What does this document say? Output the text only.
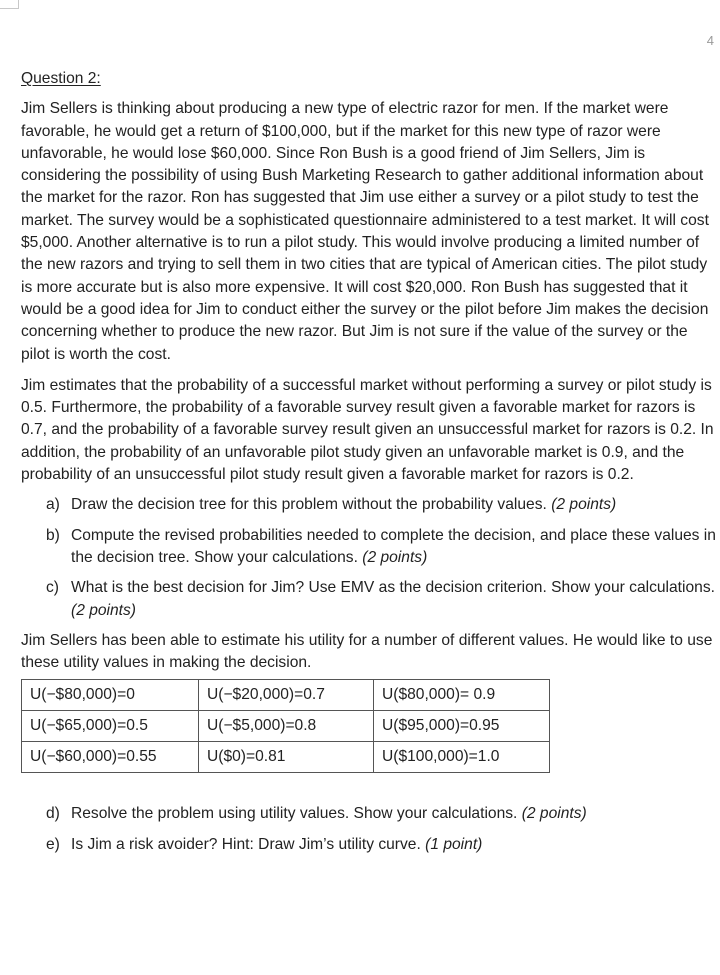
4
Question 2:

Jim Sellers is thinking about producing a new type of electric razor for men. If the market were favorable, he would get a return of $100,000, but if the market for this new type of razor were unfavorable, he would lose $60,000. Since Ron Bush is a good friend of Jim Sellers, Jim is considering the possibility of using Bush Marketing Research to gather additional information about the market for the razor. Ron has suggested that Jim use either a survey or a pilot study to test the market. The survey would be a sophisticated questionnaire administered to a test market. It will cost $5,000. Another alternative is to run a pilot study. This would involve producing a limited number of the new razors and trying to sell them in two cities that are typical of American cities. The pilot study is more accurate but is also more expensive. It will cost $20,000. Ron Bush has suggested that it would be a good idea for Jim to conduct either the survey or the pilot before Jim makes the decision concerning whether to produce the new razor. But Jim is not sure if the value of the survey or the pilot is worth the cost.

Jim estimates that the probability of a successful market without performing a survey or pilot study is 0.5. Furthermore, the probability of a favorable survey result given a favorable market for razors is 0.7, and the probability of a favorable survey result given an unsuccessful market for razors is 0.2. In addition, the probability of an unfavorable pilot study given an unfavorable market is 0.9, and the probability of an unsuccessful pilot study result given a favorable market for razors is 0.2.

a) Draw the decision tree for this problem without the probability values. (2 points)
b) Compute the revised probabilities needed to complete the decision, and place these values in the decision tree. Show your calculations. (2 points)
c) What is the best decision for Jim? Use EMV as the decision criterion. Show your calculations. (2 points)

Jim Sellers has been able to estimate his utility for a number of different values. He would like to use these utility values in making the decision.

U(−$80,000)=0	U(−$20,000)=0.7	U($80,000)= 0.9
U(−$65,000)=0.5	U(−$5,000)=0.8	U($95,000)=0.95
U(−$60,000)=0.55	U($0)=0.81	U($100,000)=1.0
d) Resolve the problem using utility values. Show your calculations. (2 points)
e) Is Jim a risk avoider? Hint: Draw Jim’s utility curve. (1 point)
